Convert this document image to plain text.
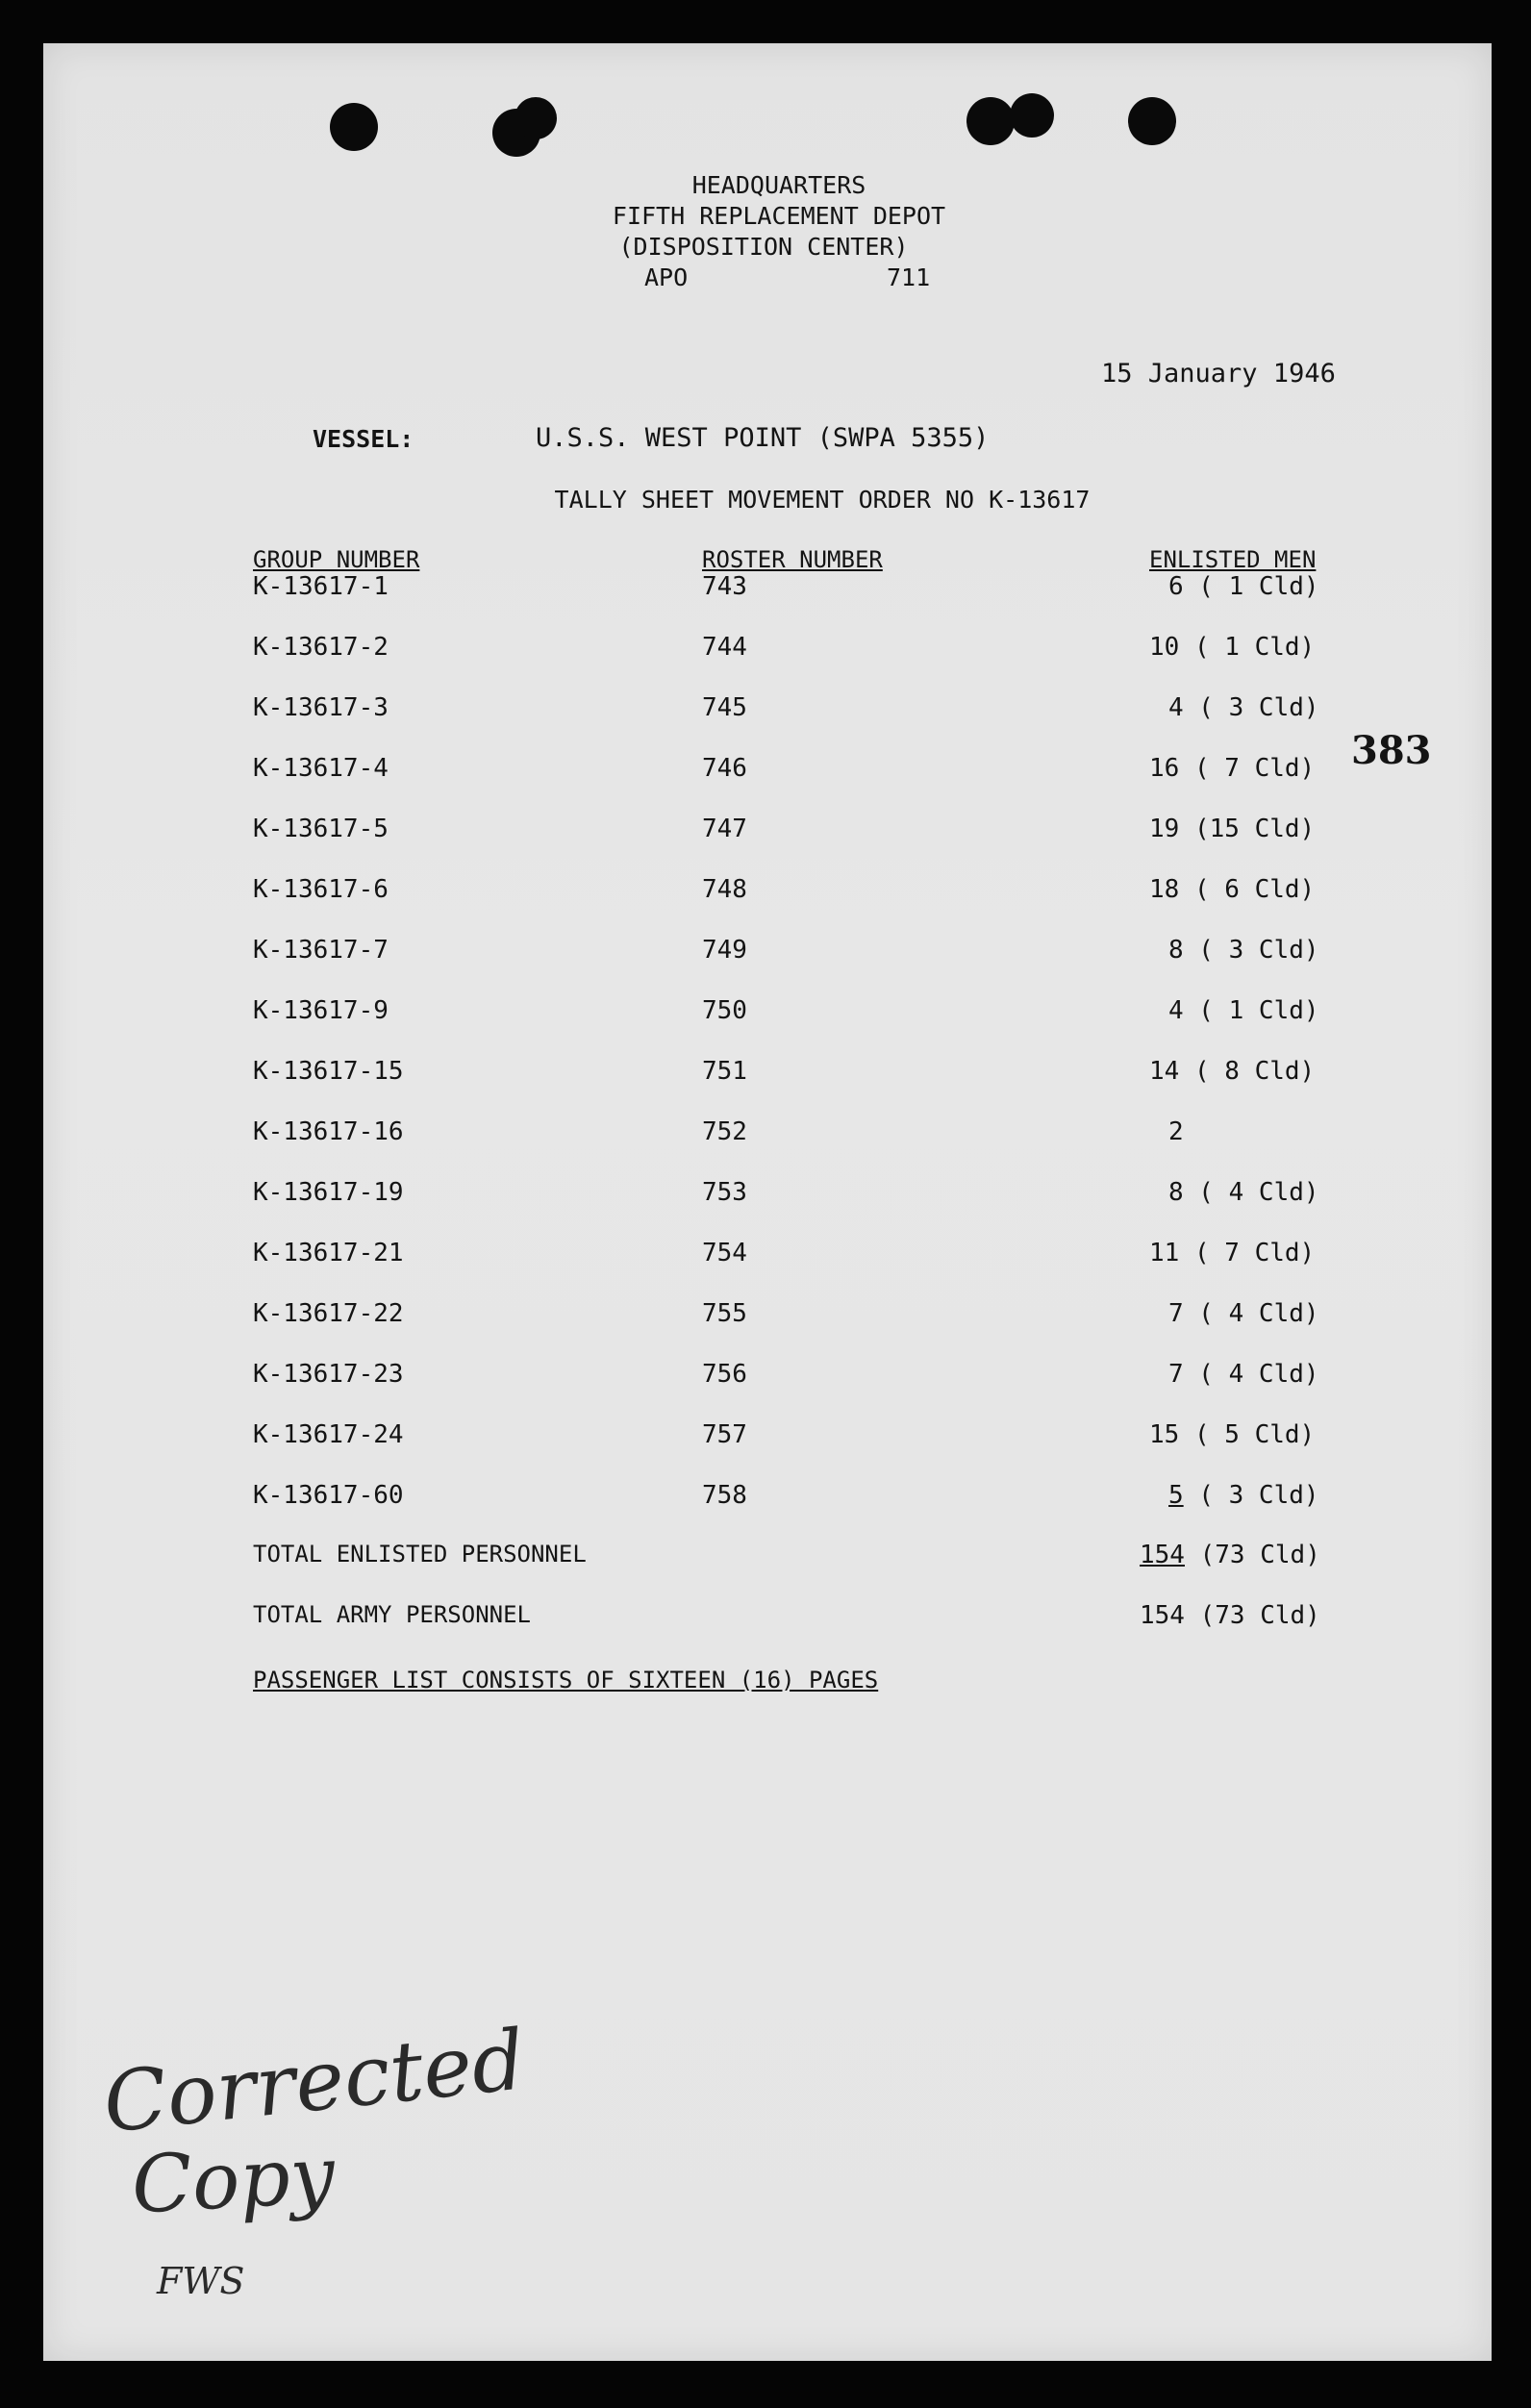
HEADQUARTERS
FIFTH REPLACEMENT DEPOT
(DISPOSITION CENTER)
APO	711
15 January 1946
VESSEL:	U.S.S. WEST POINT (SWPA 5355)
TALLY SHEET MOVEMENT ORDER NO K-13617
GROUP NUMBER	ROSTER NUMBER	ENLISTED MEN
K-13617-1	743	6 ( 1 Cld)
K-13617-2	744	10 ( 1 Cld)
K-13617-3	745	4 ( 3 Cld)
K-13617-4	746	16 ( 7 Cld)
K-13617-5	747	19 (15 Cld)
K-13617-6	748	18 ( 6 Cld)
K-13617-7	749	8 ( 3 Cld)
K-13617-9	750	4 ( 1 Cld)
K-13617-15	751	14 ( 8 Cld)
K-13617-16	752	2
K-13617-19	753	8 ( 4 Cld)
K-13617-21	754	11 ( 7 Cld)
K-13617-22	755	7 ( 4 Cld)
K-13617-23	756	7 ( 4 Cld)
K-13617-24	757	15 ( 5 Cld)
K-13617-60	758	5 ( 3 Cld)
TOTAL ENLISTED PERSONNEL	154 (73 Cld)
TOTAL ARMY PERSONNEL	154 (73 Cld)
PASSENGER LIST CONSISTS OF SIXTEEN (16) PAGES
383
Corrected
Copy
FWS
